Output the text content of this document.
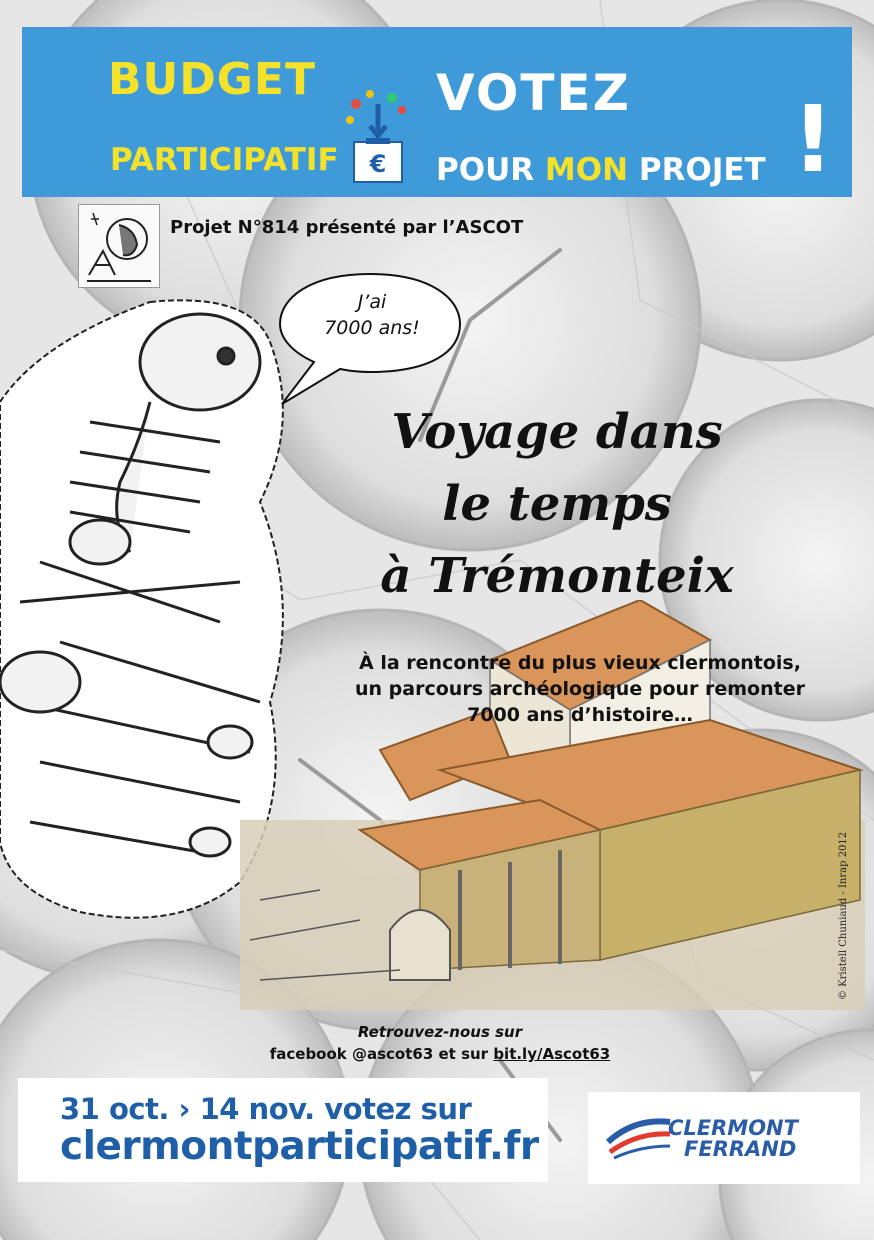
BUDGET
PARTICIPATIF €
VOTEZ
POUR MON PROJET !
Projet N°814 présenté par l’ASCOT
J’ai
7000 ans!
Voyage dans
le temps
à Trémonteix
© Kristell Chuniaud - Inrap 2012
À la rencontre du plus vieux clermontois,
un parcours archéologique pour remonter
7000 ans d’histoire…
Retrouvez-nous sur
facebook @ascot63 et sur bit.ly/Ascot63
31 oct. › 14 nov. votez sur
clermontparticipatif.fr	CLERMONT
FERRAND
